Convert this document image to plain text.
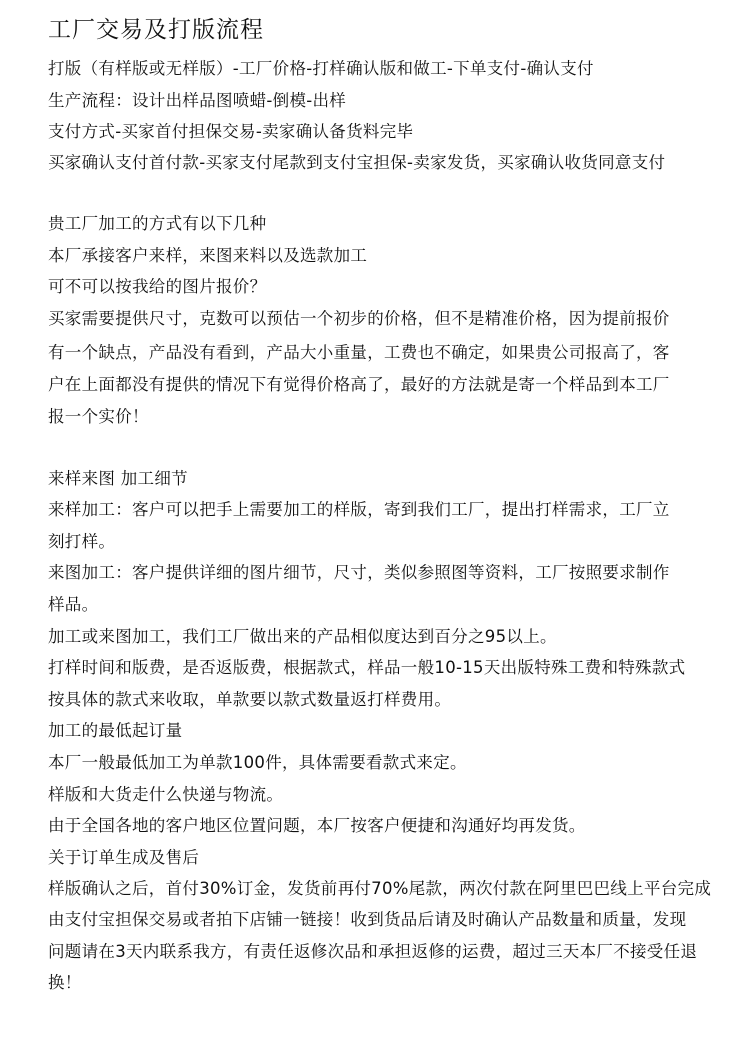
工厂交易及打版流程
打版（有样版或无样版）-工厂价格-打样确认版和做工-下单支付-确认支付
生产流程：设计出样品图喷蜡-倒模-出样
支付方式-买家首付担保交易-卖家确认备货料完毕
买家确认支付首付款-买家支付尾款到支付宝担保-卖家发货，买家确认收货同意支付
贵工厂加工的方式有以下几种
本厂承接客户来样，来图来料以及选款加工
可不可以按我给的图片报价？
买家需要提供尺寸，克数可以预估一个初步的价格，但不是精准价格，因为提前报价
有一个缺点，产品没有看到，产品大小重量，工费也不确定，如果贵公司报高了，客
户在上面都没有提供的情况下有觉得价格高了，最好的方法就是寄一个样品到本工厂
报一个实价！
来样来图 加工细节
来样加工：客户可以把手上需要加工的样版，寄到我们工厂，提出打样需求，工厂立
刻打样。
来图加工：客户提供详细的图片细节，尺寸，类似参照图等资料，工厂按照要求制作
样品。
加工或来图加工，我们工厂做出来的产品相似度达到百分之95以上。
打样时间和版费，是否返版费，根据款式，样品一般10-15天出版特殊工费和特殊款式
按具体的款式来收取，单款要以款式数量返打样费用。
加工的最低起订量
本厂一般最低加工为单款100件，具体需要看款式来定。
样版和大货走什么快递与物流。
由于全国各地的客户地区位置问题，本厂按客户便捷和沟通好均再发货。
关于订单生成及售后
样版确认之后，首付30%订金，发货前再付70%尾款，两次付款在阿里巴巴线上平台完成
由支付宝担保交易或者拍下店铺一链接！收到货品后请及时确认产品数量和质量，发现
问题请在3天内联系我方，有责任返修次品和承担返修的运费，超过三天本厂不接受任退
换！
